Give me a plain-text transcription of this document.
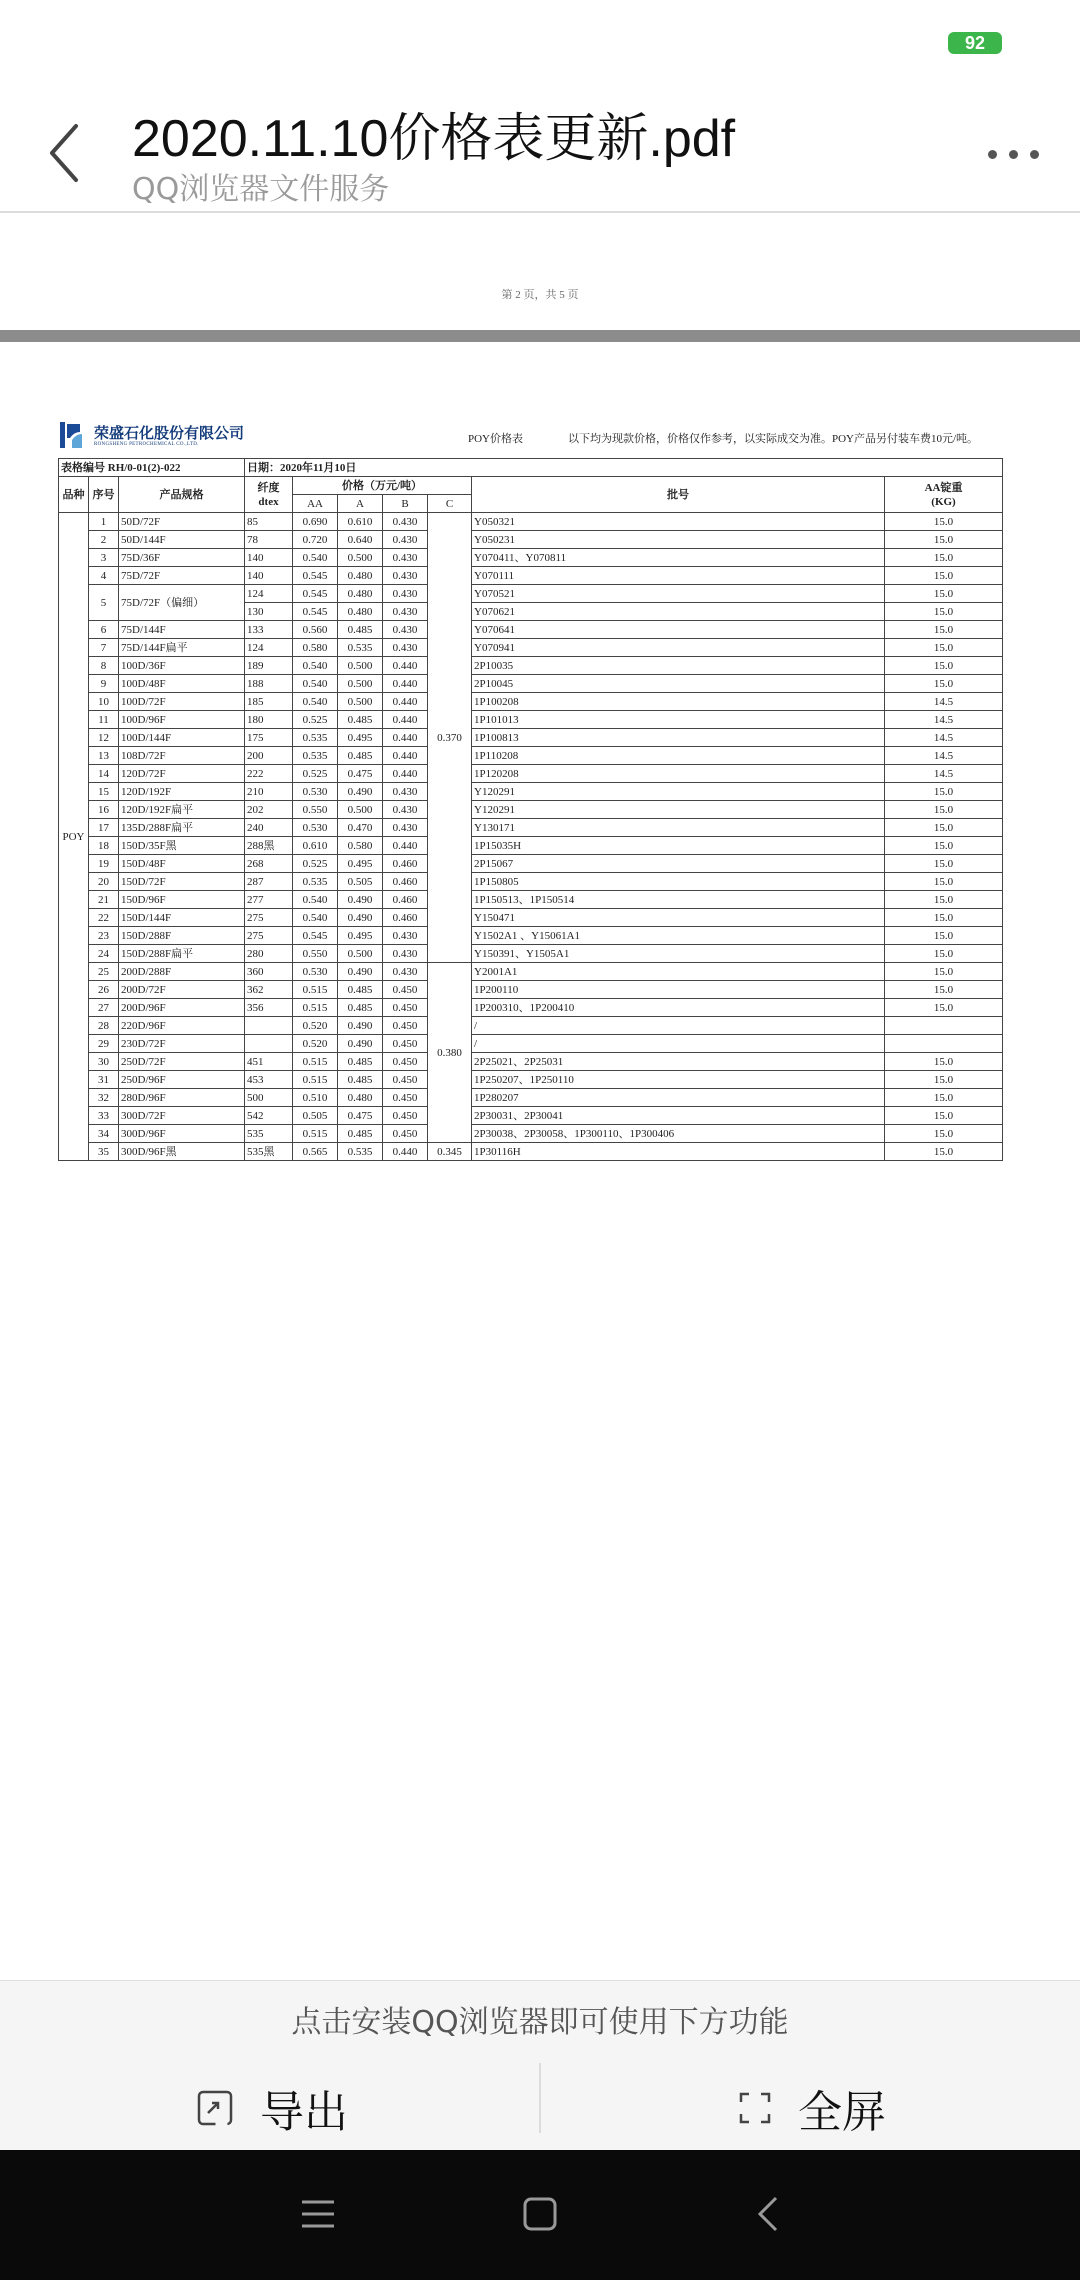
92
2020.11.10价格表更新.pdf
QQ浏览器文件服务
第 2 页，共 5 页
荣盛石化股份有限公司
RONGSHENG PETROCHEMICAL CO.,LTD.	POY价格表	以下均为现款价格，价格仅作参考，以实际成交为准。POY产品另付装车费10元/吨。
表格编号 RH/0-01(2)-022			日期：2020年11月10日						
品种	序号	产品规格	纤度
dtex	价格（万元/吨）				批号	AA锭重
(KG)
				AA	A	B	C		
POY	1	50D/72F	85	0.690	0.610	0.430	0.370	Y050321	15.0
	2	50D/144F	78	0.720	0.640	0.430		Y050231	15.0
	3	75D/36F	140	0.540	0.500	0.430		Y070411、Y070811	15.0
	4	75D/72F	140	0.545	0.480	0.430		Y070111	15.0
	5	75D/72F（偏细）	124	0.545	0.480	0.430		Y070521	15.0
			130	0.545	0.480	0.430		Y070621	15.0
	6	75D/144F	133	0.560	0.485	0.430		Y070641	15.0
	7	75D/144F扁平	124	0.580	0.535	0.430		Y070941	15.0
	8	100D/36F	189	0.540	0.500	0.440		2P10035	15.0
	9	100D/48F	188	0.540	0.500	0.440		2P10045	15.0
	10	100D/72F	185	0.540	0.500	0.440		1P100208	14.5
	11	100D/96F	180	0.525	0.485	0.440		1P101013	14.5
	12	100D/144F	175	0.535	0.495	0.440		1P100813	14.5
	13	108D/72F	200	0.535	0.485	0.440		1P110208	14.5
	14	120D/72F	222	0.525	0.475	0.440		1P120208	14.5
	15	120D/192F	210	0.530	0.490	0.430		Y120291	15.0
	16	120D/192F扁平	202	0.550	0.500	0.430		Y120291	15.0
	17	135D/288F扁平	240	0.530	0.470	0.430		Y130171	15.0
	18	150D/35F黑	288黑	0.610	0.580	0.440		1P15035H	15.0
	19	150D/48F	268	0.525	0.495	0.460		2P15067	15.0
	20	150D/72F	287	0.535	0.505	0.460		1P150805	15.0
	21	150D/96F	277	0.540	0.490	0.460		1P150513、1P150514	15.0
	22	150D/144F	275	0.540	0.490	0.460		Y150471	15.0
	23	150D/288F	275	0.545	0.495	0.430		Y1502A1 、Y15061A1	15.0
	24	150D/288F扁平	280	0.550	0.500	0.430		Y150391、Y1505A1	15.0
	25	200D/288F	360	0.530	0.490	0.430	0.380	Y2001A1	15.0
	26	200D/72F	362	0.515	0.485	0.450		1P200110	15.0
	27	200D/96F	356	0.515	0.485	0.450		1P200310、1P200410	15.0
	28	220D/96F		0.520	0.490	0.450		/	
	29	230D/72F		0.520	0.490	0.450		/	
	30	250D/72F	451	0.515	0.485	0.450		2P25021、2P25031	15.0
	31	250D/96F	453	0.515	0.485	0.450		1P250207、1P250110	15.0
	32	280D/96F	500	0.510	0.480	0.450		1P280207	15.0
	33	300D/72F	542	0.505	0.475	0.450		2P30031、2P30041	15.0
	34	300D/96F	535	0.515	0.485	0.450		2P30038、2P30058、1P300110、1P300406	15.0
	35	300D/96F黑	535黑	0.565	0.535	0.440	0.345	1P30116H	15.0
点击安装QQ浏览器即可使用下方功能
导出	全屏
